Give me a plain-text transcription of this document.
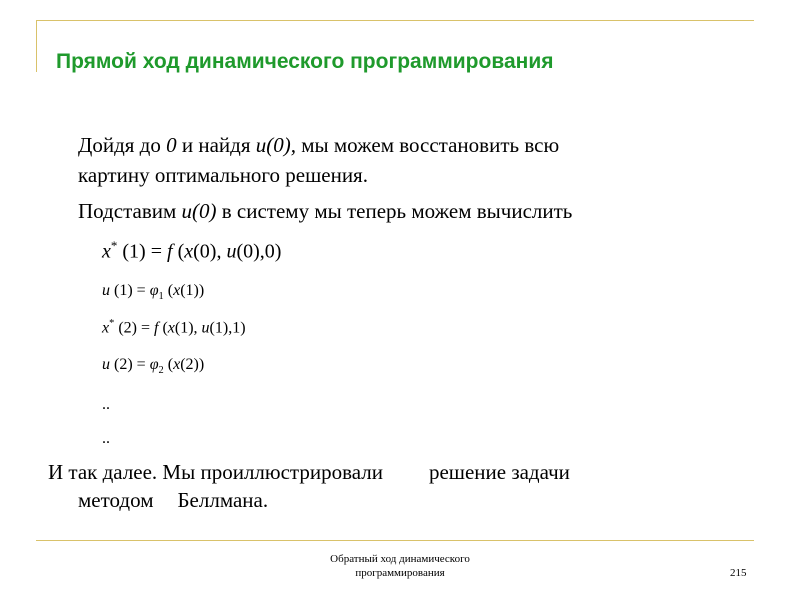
Прямой ход динамического программирования
Дойдя до 0 и найдя u(0), мы можем восстановить всю
картину оптимального решения.
Подставим u(0) в систему мы теперь можем вычислить
x* (1) = f (x(0), u(0),0)
u $(1) = \varphi_1$ (x(1))
x* (2) = f (x(1), u(1),1)
u $(2) = \varphi_2$ (x(2))
..
..
И так далее. Мы проиллюстрировали решение задачи
методом Беллмана.
Обратный ход динамического
программирования	215
